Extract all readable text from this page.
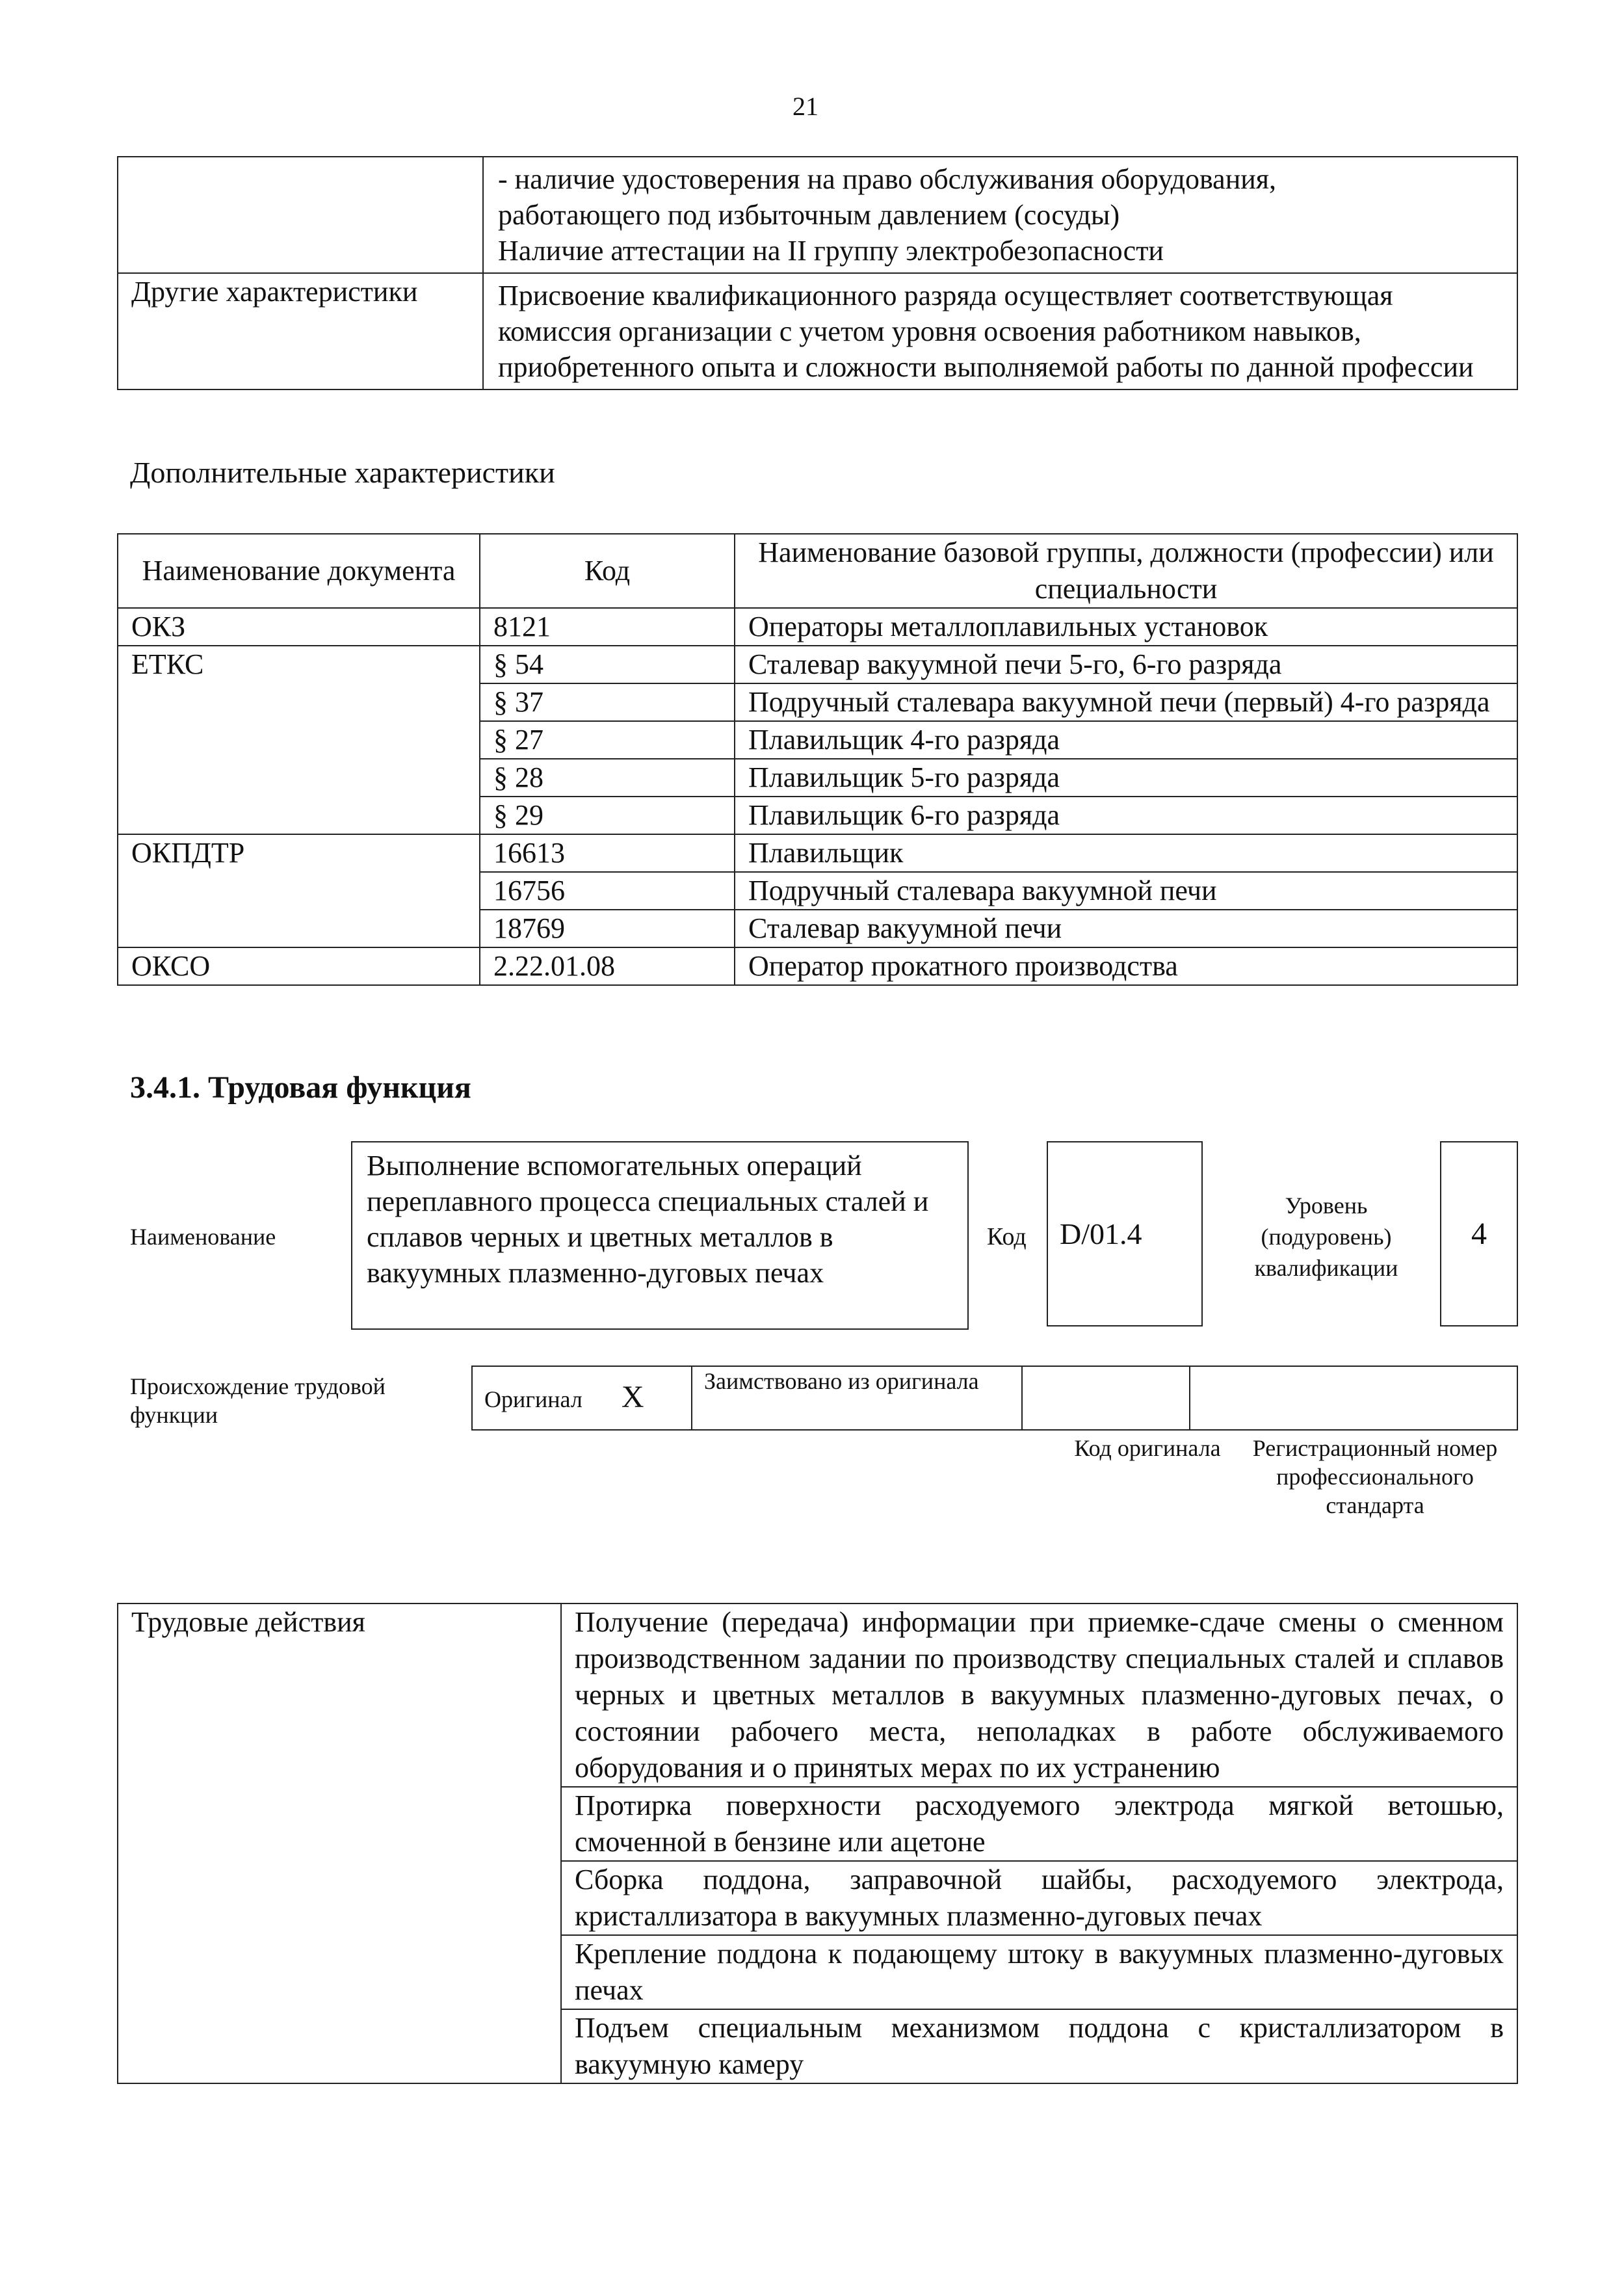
21

	- наличие удостоверения на право обслуживания оборудования,
работающего под избыточным давлением (сосуды)
Наличие аттестации на II группу электробезопасности

Другие характеристики	Присвоение квалификационного разряда осуществляет соответствующая комиссия организации с учетом уровня освоения работником навыков, приобретенного опыта и сложности выполняемой работы по данной профессии
Дополнительные характеристики
Наименование документа	Код	Наименование базовой группы, должности (профессии) или специальности
ОКЗ	8121	Операторы металлоплавильных установок
ЕТКС	§ 54	Сталевар вакуумной печи 5-го, 6-го разряда
	§ 37	Подручный сталевара вакуумной печи (первый) 4-го разряда
	§ 27	Плавильщик 4-го разряда
	§ 28	Плавильщик 5-го разряда
	§ 29	Плавильщик 6-го разряда
ОКПДТР	16613	Плавильщик
	16756	Подручный сталевара вакуумной печи
	18769	Сталевар вакуумной печи
ОКСО	2.22.01.08	Оператор прокатного производства
3.4.1. Трудовая функция
Наименование
Выполнение вспомогательных операций переплавного процесса специальных сталей и сплавов черных и цветных металлов в вакуумных плазменно-дуговых печах
Код	D/01.4
Уровень (подуровень) квалификации
4
Происхождение трудовой функции
Оригинал X	Заимствовано из оригинала		
Код оригинала	Регистрационный номер профессионального стандарта
Трудовые действия	Получение (передача) информации при приемке-сдаче смены о сменном производственном задании по производству специальных сталей и сплавов черных и цветных металлов в вакуумных плазменно-дуговых печах, о состоянии рабочего места, неполадках в работе обслуживаемого оборудования и о принятых мерах по их устранению
Протирка поверхности расходуемого электрода мягкой ветошью, смоченной в бензине или ацетоне
Сборка поддона, заправочной шайбы, расходуемого электрода, кристаллизатора в вакуумных плазменно-дуговых печах
Крепление поддона к подающему штоку в вакуумных плазменно-дуговых печах
Подъем специальным механизмом поддона с кристаллизатором в вакуумную камеру
